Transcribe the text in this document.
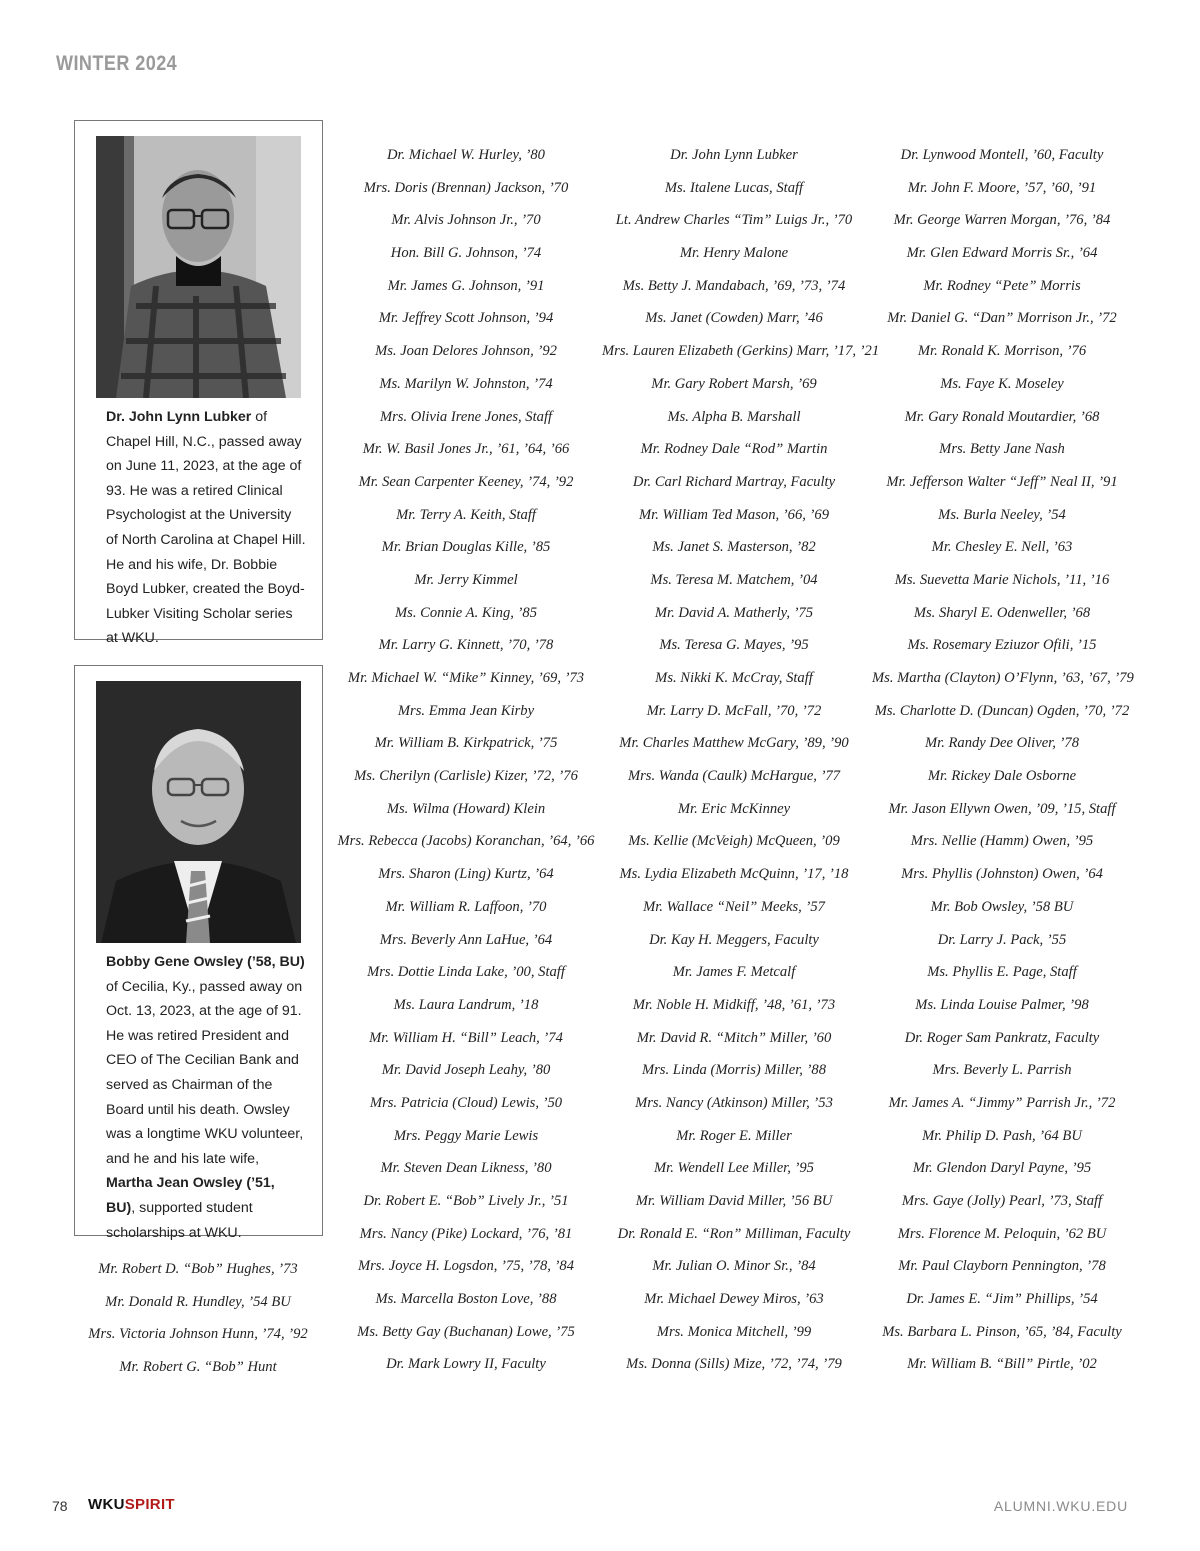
WINTER 2024
Dr. John Lynn Lubker of Chapel Hill, N.C., passed away on June 11, 2023, at the age of 93. He was a retired Clinical Psychologist at the University of North Carolina at Chapel Hill. He and his wife, Dr. Bobbie Boyd Lubker, created the Boyd-Lubker Visiting Scholar series at WKU.
Bobby Gene Owsley (’58, BU) of Cecilia, Ky., passed away on Oct. 13, 2023, at the age of 91. He was retired President and CEO of The Cecilian Bank and served as Chairman of the Board until his death. Owsley was a longtime WKU volunteer, and he and his late wife, Martha Jean Owsley (’51, BU), supported student scholarships at WKU.
Mr. Robert D. “Bob” Hughes, ’73
Mr. Donald R. Hundley, ’54 BU
Mrs. Victoria Johnson Hunn, ’74, ’92
Mr. Robert G. “Bob” Hunt
Dr. Michael W. Hurley, ’80
Mrs. Doris (Brennan) Jackson, ’70
Mr. Alvis Johnson Jr., ’70
Hon. Bill G. Johnson, ’74
Mr. James G. Johnson, ’91
Mr. Jeffrey Scott Johnson, ’94
Ms. Joan Delores Johnson, ’92
Ms. Marilyn W. Johnston, ’74
Mrs. Olivia Irene Jones, Staff
Mr. W. Basil Jones Jr., ’61, ’64, ’66
Mr. Sean Carpenter Keeney, ’74, ’92
Mr. Terry A. Keith, Staff
Mr. Brian Douglas Kille, ’85
Mr. Jerry Kimmel
Ms. Connie A. King, ’85
Mr. Larry G. Kinnett, ’70, ’78
Mr. Michael W. “Mike” Kinney, ’69, ’73
Mrs. Emma Jean Kirby
Mr. William B. Kirkpatrick, ’75
Ms. Cherilyn (Carlisle) Kizer, ’72, ’76
Ms. Wilma (Howard) Klein
Mrs. Rebecca (Jacobs) Koranchan, ’64, ’66
Mrs. Sharon (Ling) Kurtz, ’64
Mr. William R. Laffoon, ’70
Mrs. Beverly Ann LaHue, ’64
Mrs. Dottie Linda Lake, ’00, Staff
Ms. Laura Landrum, ’18
Mr. William H. “Bill” Leach, ’74
Mr. David Joseph Leahy, ’80
Mrs. Patricia (Cloud) Lewis, ’50
Mrs. Peggy Marie Lewis
Mr. Steven Dean Likness, ’80
Dr. Robert E. “Bob” Lively Jr., ’51
Mrs. Nancy (Pike) Lockard, ’76, ’81
Mrs. Joyce H. Logsdon, ’75, ’78, ’84
Ms. Marcella Boston Love, ’88
Ms. Betty Gay (Buchanan) Lowe, ’75
Dr. Mark Lowry II, Faculty
Dr. John Lynn Lubker
Ms. Italene Lucas, Staff
Lt. Andrew Charles “Tim” Luigs Jr., ’70
Mr. Henry Malone
Ms. Betty J. Mandabach, ’69, ’73, ’74
Ms. Janet (Cowden) Marr, ’46
Mrs. Lauren Elizabeth (Gerkins) Marr, ’17, ’21
Mr. Gary Robert Marsh, ’69
Ms. Alpha B. Marshall
Mr. Rodney Dale “Rod” Martin
Dr. Carl Richard Martray, Faculty
Mr. William Ted Mason, ’66, ’69
Ms. Janet S. Masterson, ’82
Ms. Teresa M. Matchem, ’04
Mr. David A. Matherly, ’75
Ms. Teresa G. Mayes, ’95
Ms. Nikki K. McCray, Staff
Mr. Larry D. McFall, ’70, ’72
Mr. Charles Matthew McGary, ’89, ’90
Mrs. Wanda (Caulk) McHargue, ’77
Mr. Eric McKinney
Ms. Kellie (McVeigh) McQueen, ’09
Ms. Lydia Elizabeth McQuinn, ’17, ’18
Mr. Wallace “Neil” Meeks, ’57
Dr. Kay H. Meggers, Faculty
Mr. James F. Metcalf
Mr. Noble H. Midkiff, ’48, ’61, ’73
Mr. David R. “Mitch” Miller, ’60
Mrs. Linda (Morris) Miller, ’88
Mrs. Nancy (Atkinson) Miller, ’53
Mr. Roger E. Miller
Mr. Wendell Lee Miller, ’95
Mr. William David Miller, ’56 BU
Dr. Ronald E. “Ron” Milliman, Faculty
Mr. Julian O. Minor Sr., ’84
Mr. Michael Dewey Miros, ’63
Mrs. Monica Mitchell, ’99
Ms. Donna (Sills) Mize, ’72, ’74, ’79
Dr. Lynwood Montell, ’60, Faculty
Mr. John F. Moore, ’57, ’60, ’91
Mr. George Warren Morgan, ’76, ’84
Mr. Glen Edward Morris Sr., ’64
Mr. Rodney “Pete” Morris
Mr. Daniel G. “Dan” Morrison Jr., ’72
Mr. Ronald K. Morrison, ’76
Ms. Faye K. Moseley
Mr. Gary Ronald Moutardier, ’68
Mrs. Betty Jane Nash
Mr. Jefferson Walter “Jeff” Neal II, ’91
Ms. Burla Neeley, ’54
Mr. Chesley E. Nell, ’63
Ms. Suevetta Marie Nichols, ’11, ’16
Ms. Sharyl E. Odenweller, ’68
Ms. Rosemary Eziuzor Ofili, ’15
Ms. Martha (Clayton) O’Flynn, ’63, ’67, ’79
Ms. Charlotte D. (Duncan) Ogden, ’70, ’72
Mr. Randy Dee Oliver, ’78
Mr. Rickey Dale Osborne
Mr. Jason Ellywn Owen, ’09, ’15, Staff
Mrs. Nellie (Hamm) Owen, ’95
Mrs. Phyllis (Johnston) Owen, ’64
Mr. Bob Owsley, ’58 BU
Dr. Larry J. Pack, ’55
Ms. Phyllis E. Page, Staff
Ms. Linda Louise Palmer, ’98
Dr. Roger Sam Pankratz, Faculty
Mrs. Beverly L. Parrish
Mr. James A. “Jimmy” Parrish Jr., ’72
Mr. Philip D. Pash, ’64 BU
Mr. Glendon Daryl Payne, ’95
Mrs. Gaye (Jolly) Pearl, ’73, Staff
Mrs. Florence M. Peloquin, ’62 BU
Mr. Paul Clayborn Pennington, ’78
Dr. James E. “Jim” Phillips, ’54
Ms. Barbara L. Pinson, ’65, ’84, Faculty
Mr. William B. “Bill” Pirtle, ’02
78 WKUSPIRIT	ALUMNI.WKU.EDU
